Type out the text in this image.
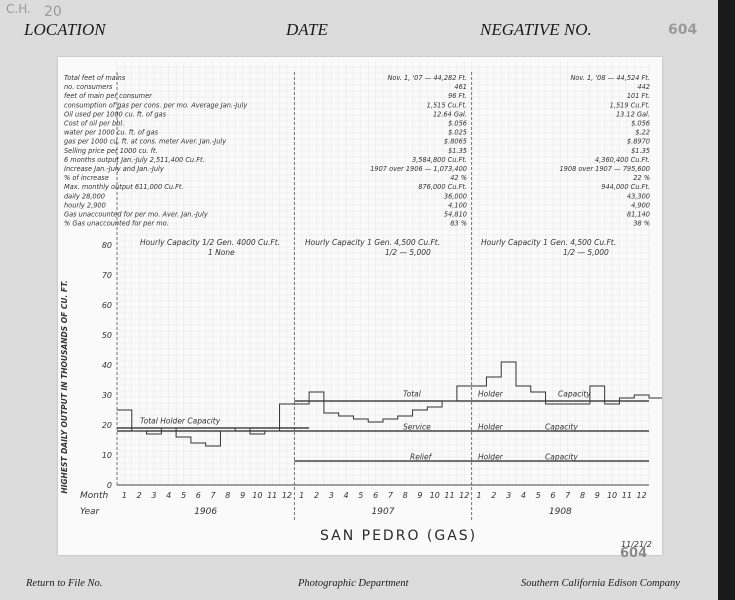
C.H. 20
LOCATION	DATE	NEGATIVE NO.	604
Total feet of mains	Nov. 1, '07 — 44,282 Ft.	Nov. 1, '08 — 44,524 Ft.
no. consumers	461	442
feet of main per consumer	96 Ft.	101 Ft.
consumption of gas per cons. per mo. Average Jan.-July	1,515 Cu.Ft.	1,519 Cu.Ft.
Oil used per 1000 cu. ft. of gas	12.64 Gal.	13.12 Gal.
Cost of oil per bbl.	$.056	$.056
water per 1000 cu. ft. of gas	$.025	$.22
gas per 1000 cu. ft. at cons. meter Aver. Jan.-July	$.8065	$.8970
Selling price per 1000 cu. ft.	$1.35	$1.35
6 months output Jan.-July 2,511,400 Cu.Ft.	3,584,800 Cu.Ft.	4,360,400 Cu.Ft.
Increase Jan.-July and Jan.-July	1907 over 1906 — 1,073,400	1908 over 1907 — 795,600
% of increase	42 %	22 %
Max. monthly output 611,000 Cu.Ft.	876,000 Cu.Ft.	944,000 Cu.Ft.
daily 28,000	36,000	43,300
hourly 2,900	4,100	4,900
Gas unaccounted for per mo. Aver. Jan.-July	54,810	81,140
% Gas unaccounted for per mo.	83 %	38 %
Hourly Capacity 1/2 Gen. 4000 Cu.Ft.
1 None
Hourly Capacity 1 Gen. 4,500 Cu.Ft.
1/2 — 5,000
Hourly Capacity 1 Gen. 4,500 Cu.Ft.
1/2 — 5,000
HIGHEST DAILY OUTPUT IN THOUSANDS OF CU. FT.	0
10
20
30
40
50
60
70
80
Total Holder Capacity
Total	Holder	Capacity
Service	Holder	Capacity
Relief	Holder	Capacity
Month
Year
1 2 3 4 5 6 7 8 9 10 11 12 1 2 3 4 5 6 7 8 9 10 11 12 1 2 3 4 5 6 7 8 9 10 11 12
1906	1907	1908
SAN PEDRO (GAS)
11/21/2
604
Return to File No.	Photographic Department	Southern California Edison Company
